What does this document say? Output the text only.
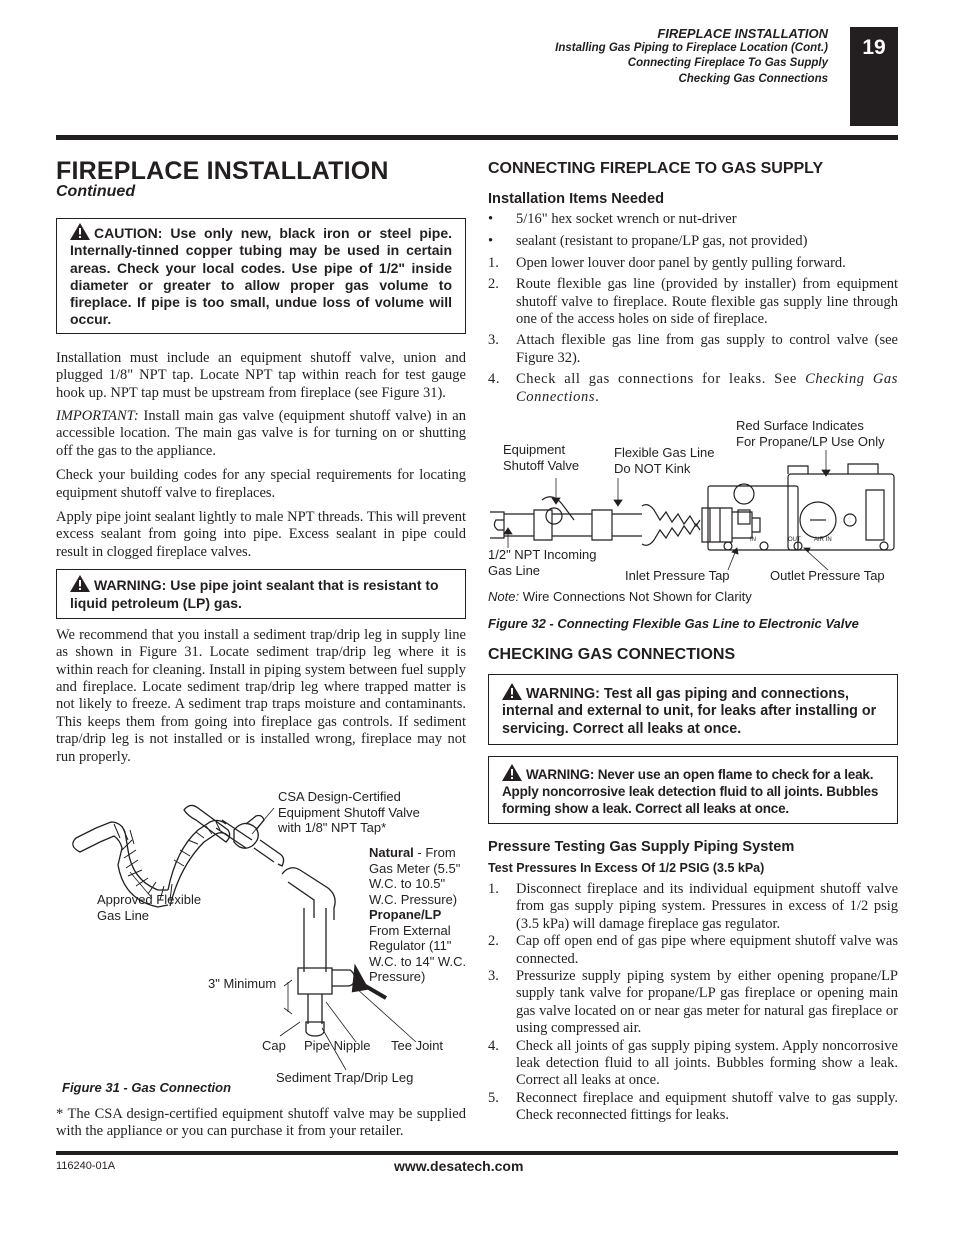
FIREPLACE INSTALLATION
Installing Gas Piping to Fireplace Location (Cont.)
Connecting Fireplace To Gas Supply
Checking Gas Connections
19
FIREPLACE INSTALLATION
Continued
CAUTION: Use only new, black iron or steel pipe. Internally-tinned copper tubing may be used in certain areas. Check your local codes. Use pipe of 1/2" inside diameter or greater to allow proper gas volume to fireplace. If pipe is too small, undue loss of volume will occur.

Installation must include an equipment shutoff valve, union and plugged 1/8" NPT tap. Locate NPT tap within reach for test gauge hook up. NPT tap must be upstream from fireplace (see Figure 31).

IMPORTANT: Install main gas valve (equipment shutoff valve) in an accessible location. The main gas valve is for turning on or shutting off the gas to the appliance.

Check your building codes for any special requirements for locating equipment shutoff valve to fireplaces.

Apply pipe joint sealant lightly to male NPT threads. This will prevent excess sealant from going into pipe. Excess sealant in pipe could result in clogged fireplace valves.

WARNING: Use pipe joint sealant that is resistant to liquid petroleum (LP) gas.

We recommend that you install a sediment trap/drip leg in supply line as shown in Figure 31. Locate sediment trap/drip leg where it is within reach for cleaning. Install in piping system between fuel supply and fireplace. Locate sediment trap/drip leg where trapped matter is not likely to freeze. A sediment trap traps moisture and contaminants. This keeps them from going into fireplace gas controls. If sediment trap/drip leg is not installed or is installed wrong, fireplace may not run properly.

CSA Design-Certified
Equipment Shutoff Valve
with 1/8" NPT Tap*
Natural - From
Gas Meter (5.5"
W.C. to 10.5"
W.C. Pressure)
Propane/LP
From External
Regulator (11"
W.C. to 14" W.C.
Pressure)
Approved Flexible
Gas Line
3" Minimum
Cap Pipe Nipple Tee Joint
Sediment Trap/Drip Leg
Figure 31 - Gas Connection

* The CSA design-certified equipment shutoff valve may be supplied with the appliance or you can purchase it from your retailer.

CONNECTING FIREPLACE TO GAS SUPPLY
Installation Items Needed
• 5/16" hex socket wrench or nut-driver
• sealant (resistant to propane/LP gas, not provided)
1. Open lower louver door panel by gently pulling forward.
2. Route flexible gas line (provided by installer) from equipment shutoff valve to fireplace. Route flexible gas supply line through one of the access holes on side of fireplace.
3. Attach flexible gas line from gas supply to control valve (see Figure 32).
4. Check all gas connections for leaks. See Checking Gas Connections.
IN	OUT AIR IN
Red Surface Indicates
For Propane/LP Use Only
Equipment
Shutoff Valve
Flexible Gas Line
Do NOT Kink
1/2" NPT Incoming
Gas Line	Inlet Pressure Tap	Outlet Pressure Tap
Note: Wire Connections Not Shown for Clarity
Figure 32 - Connecting Flexible Gas Line to Electronic Valve
CHECKING GAS CONNECTIONS
WARNING: Test all gas piping and connections, internal and external to unit, for leaks after installing or servicing. Correct all leaks at once.
WARNING: Never use an open flame to check for a leak. Apply noncorrosive leak detection fluid to all joints. Bubbles forming show a leak. Correct all leaks at once.
Pressure Testing Gas Supply Piping System
Test Pressures In Excess Of 1/2 PSIG (3.5 kPa)
1. Disconnect fireplace and its individual equipment shutoff valve from gas supply piping system. Pressures in excess of 1/2 psig (3.5 kPa) will damage fireplace gas regulator.
2. Cap off open end of gas pipe where equipment shutoff valve was connected.
3. Pressurize supply piping system by either opening propane/LP supply tank valve for propane/LP gas fireplace or opening main gas valve located on or near gas meter for natural gas fireplace or using compressed air.
4. Check all joints of gas supply piping system. Apply noncorrosive leak detection fluid to all joints. Bubbles forming show a leak. Correct all leaks at once.
5. Reconnect fireplace and equipment shutoff valve to gas supply. Check reconnected fittings for leaks.
116240-01A	www.desatech.com
